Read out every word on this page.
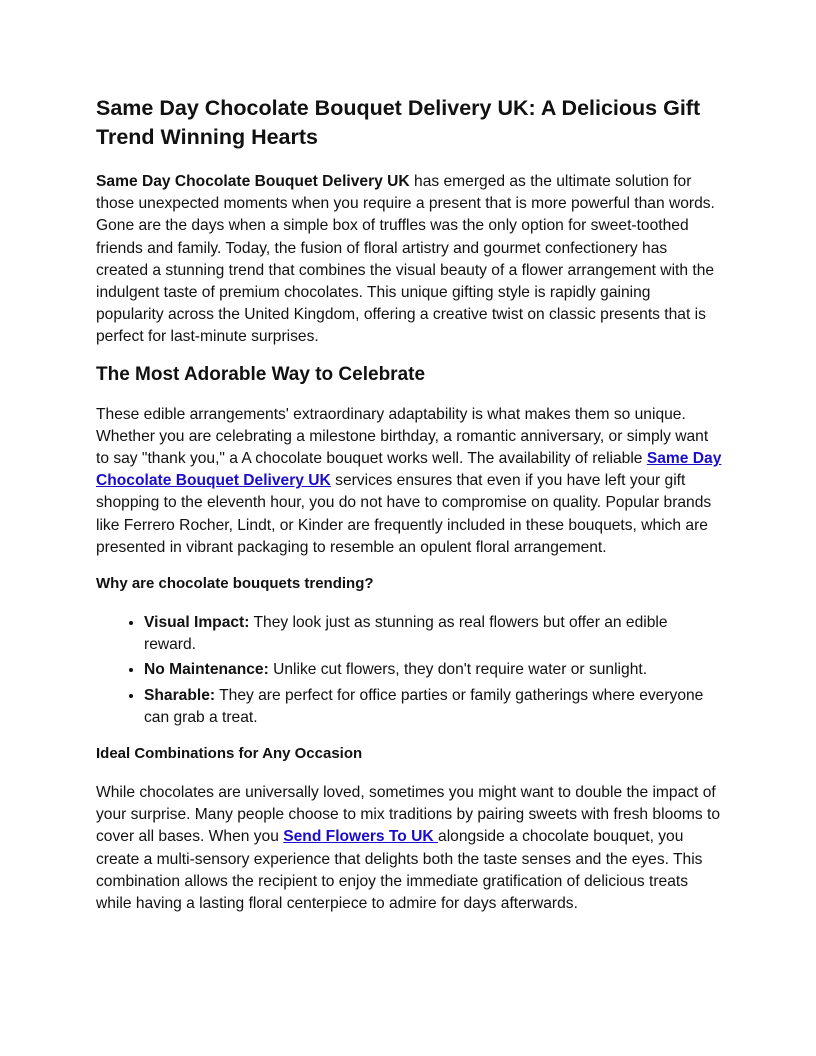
Same Day Chocolate Bouquet Delivery UK: A Delicious Gift Trend Winning Hearts

Same Day Chocolate Bouquet Delivery UK has emerged as the ultimate solution for those unexpected moments when you require a present that is more powerful than words. Gone are the days when a simple box of truffles was the only option for sweet-toothed friends and family. Today, the fusion of floral artistry and gourmet confectionery has created a stunning trend that combines the visual beauty of a flower arrangement with the indulgent taste of premium chocolates. This unique gifting style is rapidly gaining popularity across the United Kingdom, offering a creative twist on classic presents that is perfect for last-minute surprises.

The Most Adorable Way to Celebrate

These edible arrangements' extraordinary adaptability is what makes them so unique. Whether you are celebrating a milestone birthday, a romantic anniversary, or simply want to say "thank you," a A chocolate bouquet works well. The availability of reliable Same Day Chocolate Bouquet Delivery UK services ensures that even if you have left your gift shopping to the eleventh hour, you do not have to compromise on quality. Popular brands like Ferrero Rocher, Lindt, or Kinder are frequently included in these bouquets, which are presented in vibrant packaging to resemble an opulent floral arrangement.

Why are chocolate bouquets trending?
• Visual Impact: They look just as stunning as real flowers but offer an edible reward.
• No Maintenance: Unlike cut flowers, they don't require water or sunlight.
• Sharable: They are perfect for office parties or family gatherings where everyone can grab a treat.
Ideal Combinations for Any Occasion

While chocolates are universally loved, sometimes you might want to double the impact of your surprise. Many people choose to mix traditions by pairing sweets with fresh blooms to cover all bases. When you Send Flowers To UK alongside a chocolate bouquet, you create a multi-sensory experience that delights both the taste senses and the eyes. This combination allows the recipient to enjoy the immediate gratification of delicious treats while having a lasting floral centerpiece to admire for days afterwards.
